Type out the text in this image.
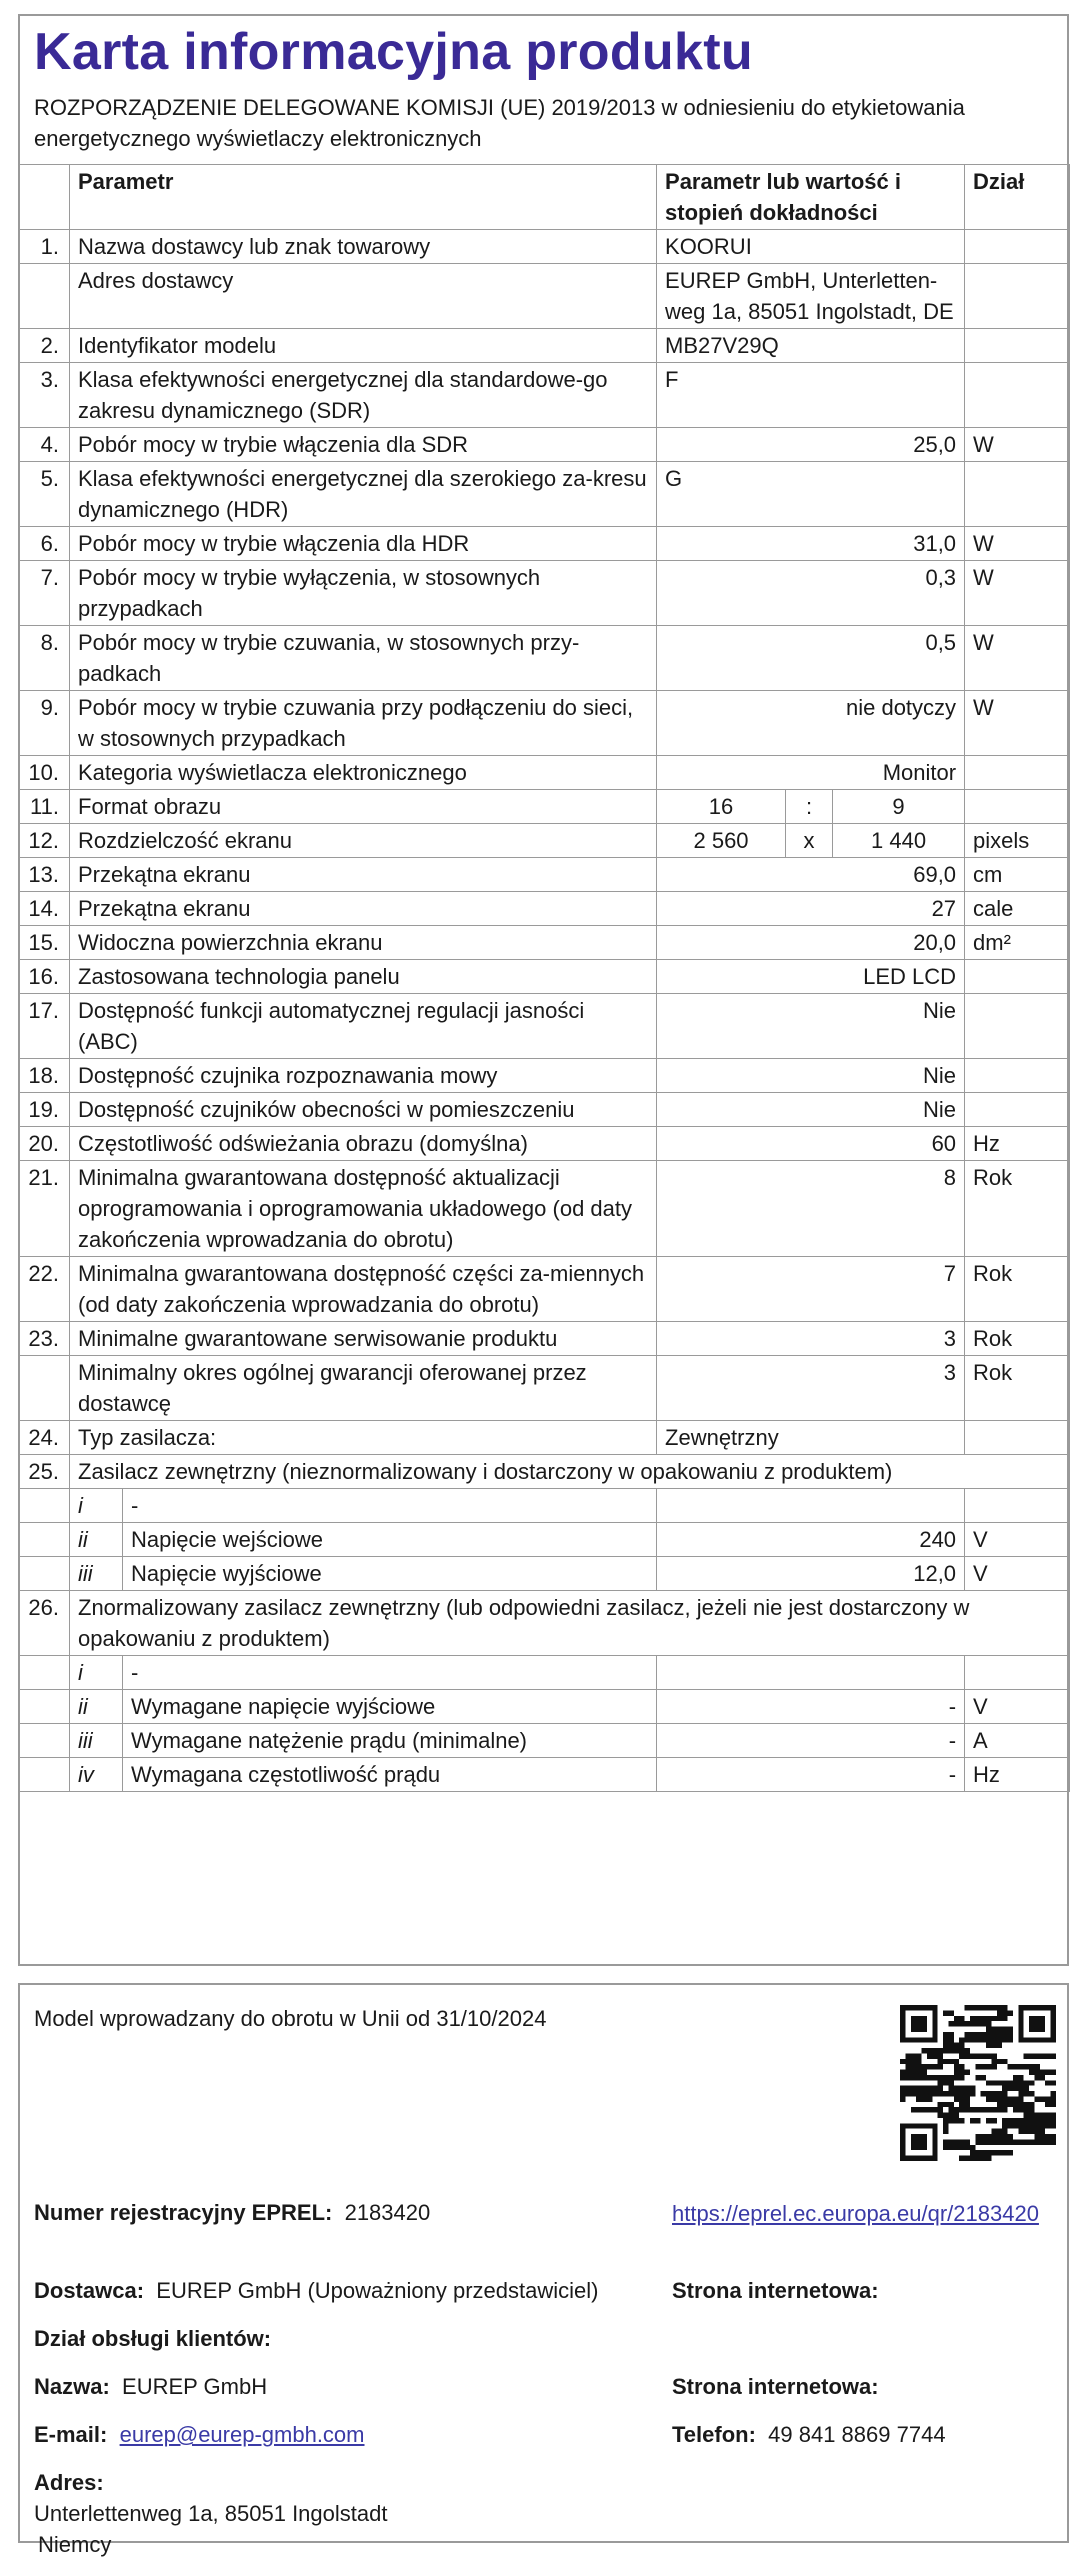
Karta informacyjna produktu
ROZPORZĄDZENIE DELEGOWANE KOMISJI (UE) 2019/2013 w odniesieniu do etykietowania energetycznego wyświetlaczy elektronicznych
	Parametr		Parametr lub wartość i stopień dokładności			Dział
1.	Nazwa dostawcy lub znak towarowy		KOORUI			
	Adres dostawcy		EUREP GmbH, Unterletten-weg 1a, 85051 Ingolstadt, DE			
2.	Identyfikator modelu		MB27V29Q			
3.	Klasa efektywności energetycznej dla standardowe-go zakresu dynamicznego (SDR)		F			
4.	Pobór mocy w trybie włączenia dla SDR		25,0			W
5.	Klasa efektywności energetycznej dla szerokiego za-kresu dynamicznego (HDR)		G			
6.	Pobór mocy w trybie włączenia dla HDR		31,0			W
7.	Pobór mocy w trybie wyłączenia, w stosownych przypadkach		0,3			W
8.	Pobór mocy w trybie czuwania, w stosownych przy-padkach		0,5			W
9.	Pobór mocy w trybie czuwania przy podłączeniu do sieci, w stosownych przypadkach		nie dotyczy			W
10.	Kategoria wyświetlacza elektronicznego		Monitor			
11.	Format obrazu		16	:	9	
12.	Rozdzielczość ekranu		2 560	x	1 440	pixels
13.	Przekątna ekranu		69,0			cm
14.	Przekątna ekranu		27			cale
15.	Widoczna powierzchnia ekranu		20,0			dm²
16.	Zastosowana technologia panelu		LED LCD			
17.	Dostępność funkcji automatycznej regulacji jasności (ABC)		Nie			
18.	Dostępność czujnika rozpoznawania mowy		Nie			
19.	Dostępność czujników obecności w pomieszczeniu		Nie			
20.	Częstotliwość odświeżania obrazu (domyślna)		60			Hz
21.	Minimalna gwarantowana dostępność aktualizacji oprogramowania i oprogramowania układowego (od daty zakończenia wprowadzania do obrotu)		8			Rok
22.	Minimalna gwarantowana dostępność części za-miennych (od daty zakończenia wprowadzania do obrotu)		7			Rok
23.	Minimalne gwarantowane serwisowanie produktu		3			Rok
	Minimalny okres ogólnej gwarancji oferowanej przez dostawcę		3			Rok
24.	Typ zasilacza:		Zewnętrzny			
25.	Zasilacz zewnętrzny (nieznormalizowany i dostarczony w opakowaniu z produktem)					
	i	-				
	ii	Napięcie wejściowe	240			V
	iii	Napięcie wyjściowe	12,0			V
26.	Znormalizowany zasilacz zewnętrzny (lub odpowiedni zasilacz, jeżeli nie jest dostarczony w opakowaniu z produktem)					
	i	-				
	ii	Wymagane napięcie wyjściowe	-			V
	iii	Wymagane natężenie prądu (minimalne)	-			A
	iv	Wymagana częstotliwość prądu	-			Hz
Model wprowadzany do obrotu w Unii od 31/10/2024
Numer rejestracyjny EPREL: 2183420	https://eprel.ec.europa.eu/qr/2183420
Dostawca: EUREP GmbH (Upoważniony przedstawiciel)	Strona internetowa:
Dział obsługi klientów:
Nazwa: EUREP GmbH	Strona internetowa:
E-mail: eurep@eurep-gmbh.com	Telefon: 49 841 8869 7744
Adres:
Unterlettenweg 1a, 85051 Ingolstadt
Niemcy
